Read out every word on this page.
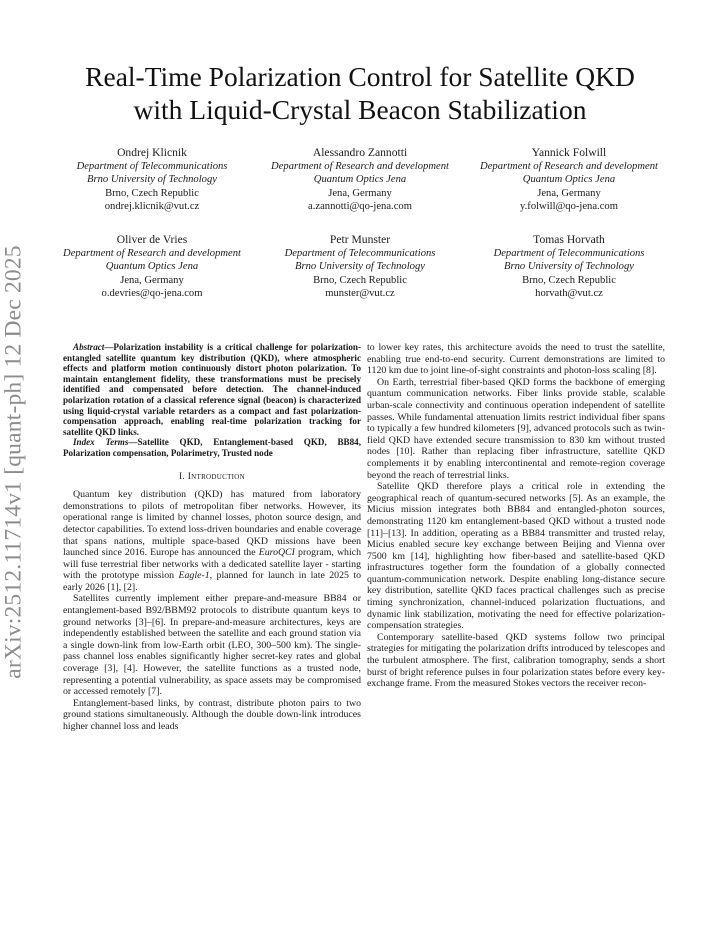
arXiv:2512.11714v1 [quant-ph] 12 Dec 2025
Real-Time Polarization Control for Satellite QKD
with Liquid-Crystal Beacon Stabilization
Ondrej Klicnik
Department of Telecommunications
Brno University of Technology
Brno, Czech Republic
ondrej.klicnik@vut.cz
Alessandro Zannotti
Department of Research and development
Quantum Optics Jena
Jena, Germany
a.zannotti@qo-jena.com
Yannick Folwill
Department of Research and development
Quantum Optics Jena
Jena, Germany
y.folwill@qo-jena.com
Oliver de Vries
Department of Research and development
Quantum Optics Jena
Jena, Germany
o.devries@qo-jena.com
Petr Munster
Department of Telecommunications
Brno University of Technology
Brno, Czech Republic
munster@vut.cz
Tomas Horvath
Department of Telecommunications
Brno University of Technology
Brno, Czech Republic
horvath@vut.cz

Abstract—Polarization instability is a critical challenge for polarization-entangled satellite quantum key distribution (QKD), where atmospheric effects and platform motion continuously distort photon polarization. To maintain entanglement fidelity, these transformations must be precisely identified and compensated before detection. The channel-induced polarization rotation of a classical reference signal (beacon) is characterized using liquid-crystal variable retarders as a compact and fast polarization-compensation approach, enabling real-time polarization tracking for satellite QKD links.

Index Terms—Satellite QKD, Entanglement-based QKD, BB84, Polarization compensation, Polarimetry, Trusted node

I. Introduction

Quantum key distribution (QKD) has matured from laboratory demonstrations to pilots of metropolitan fiber networks. However, its operational range is limited by channel losses, photon source design, and detector capabilities. To extend loss-driven boundaries and enable coverage that spans nations, multiple space-based QKD missions have been launched since 2016. Europe has announced the EuroQCI program, which will fuse terrestrial fiber networks with a dedicated satellite layer - starting with the prototype mission Eagle-1, planned for launch in late 2025 to early 2026 [1], [2].

Satellites currently implement either prepare-and-measure BB84 or entanglement-based B92/BBM92 protocols to distribute quantum keys to ground networks [3]–[6]. In prepare-and-measure architectures, keys are independently established between the satellite and each ground station via a single down-link from low-Earth orbit (LEO, 300–500 km). The single-pass channel loss enables significantly higher secret-key rates and global coverage [3], [4]. However, the satellite functions as a trusted node, representing a potential vulnerability, as space assets may be compromised or accessed remotely [7].

Entanglement-based links, by contrast, distribute photon pairs to two ground stations simultaneously. Although the double down-link introduces higher channel loss and leads

to lower key rates, this architecture avoids the need to trust the satellite, enabling true end-to-end security. Current demonstrations are limited to 1120 km due to joint line-of-sight constraints and photon-loss scaling [8].

On Earth, terrestrial fiber-based QKD forms the backbone of emerging quantum communication networks. Fiber links provide stable, scalable urban-scale connectivity and continuous operation independent of satellite passes. While fundamental attenuation limits restrict individual fiber spans to typically a few hundred kilometers [9], advanced protocols such as twin-field QKD have extended secure transmission to 830 km without trusted nodes [10]. Rather than replacing fiber infrastructure, satellite QKD complements it by enabling intercontinental and remote-region coverage beyond the reach of terrestrial links.

Satellite QKD therefore plays a critical role in extending the geographical reach of quantum-secured networks [5]. As an example, the Micius mission integrates both BB84 and entangled-photon sources, demonstrating 1120 km entanglement-based QKD without a trusted node [11]–[13]. In addition, operating as a BB84 transmitter and trusted relay, Micius enabled secure key exchange between Beijing and Vienna over 7500 km [14], highlighting how fiber-based and satellite-based QKD infrastructures together form the foundation of a globally connected quantum-communication network. Despite enabling long-distance secure key distribution, satellite QKD faces practical challenges such as precise timing synchronization, channel-induced polarization fluctuations, and dynamic link stabilization, motivating the need for effective polarization-compensation strategies.

Contemporary satellite-based QKD systems follow two principal strategies for mitigating the polarization drifts introduced by telescopes and the turbulent atmosphere. The first, calibration tomography, sends a short burst of bright reference pulses in four polarization states before every key-exchange frame. From the measured Stokes vectors the receiver recon-
